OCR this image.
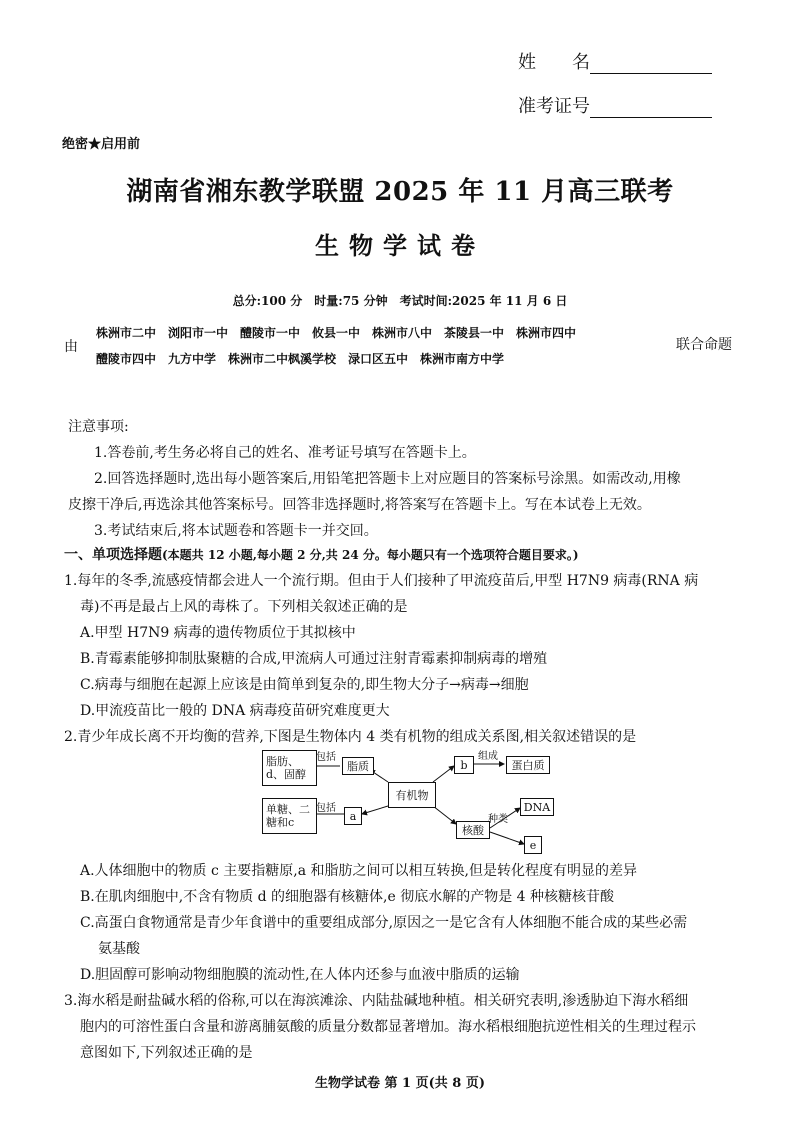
姓　　名
准考证号
绝密★启用前
湖南省湘东教学联盟 2025 年 11 月高三联考
生物学试卷
总分:100 分　时量:75 分钟　考试时间:2025 年 11 月 6 日
由
株洲市二中　浏阳市一中　醴陵市一中　攸县一中　株洲市八中　茶陵县一中　株洲市四中
醴陵市四中　九方中学　株洲市二中枫溪学校　渌口区五中　株洲市南方中学
联合命题
注意事项:
1.答卷前,考生务必将自己的姓名、准考证号填写在答题卡上。
2.回答选择题时,选出每小题答案后,用铅笔把答题卡上对应题目的答案标号涂黑。如需改动,用橡
皮擦干净后,再选涂其他答案标号。回答非选择题时,将答案写在答题卡上。写在本试卷上无效。
3.考试结束后,将本试题卷和答题卡一并交回。
一、单项选择题(本题共 12 小题,每小题 2 分,共 24 分。每小题只有一个选项符合题目要求。)
1.每年的冬季,流感疫情都会进人一个流行期。但由于人们接种了甲流疫苗后,甲型 H7N9 病毒(RNA 病
毒)不再是最占上风的毒株了。下列相关叙述正确的是
A.甲型 H7N9 病毒的遗传物质位于其拟核中
B.青霉素能够抑制肽聚糖的合成,甲流病人可通过注射青霉素抑制病毒的增殖
C.病毒与细胞在起源上应该是由简单到复杂的,即生物大分子→病毒→细胞
D.甲流疫苗比一般的 DNA 病毒疫苗研究难度更大
2.青少年成长离不开均衡的营养,下图是生物体内 4 类有机物的组成关系图,相关叙述错误的是
脂肪、d、固醇
包括
脂质	b
组成
蛋白质
有机物
单糖、二糖和c
包括
a
核酸
种类
DNA
e
A.人体细胞中的物质 c 主要指糖原,a 和脂肪之间可以相互转换,但是转化程度有明显的差异
B.在肌肉细胞中,不含有物质 d 的细胞器有核糖体,e 彻底水解的产物是 4 种核糖核苷酸
C.高蛋白食物通常是青少年食谱中的重要组成部分,原因之一是它含有人体细胞不能合成的某些必需
氨基酸
D.胆固醇可影响动物细胞膜的流动性,在人体内还参与血液中脂质的运输
3.海水稻是耐盐碱水稻的俗称,可以在海滨滩涂、内陆盐碱地种植。相关研究表明,渗透胁迫下海水稻细
胞内的可溶性蛋白含量和游离脯氨酸的质量分数都显著增加。海水稻根细胞抗逆性相关的生理过程示
意图如下,下列叙述正确的是
生物学试卷 第 1 页(共 8 页)
